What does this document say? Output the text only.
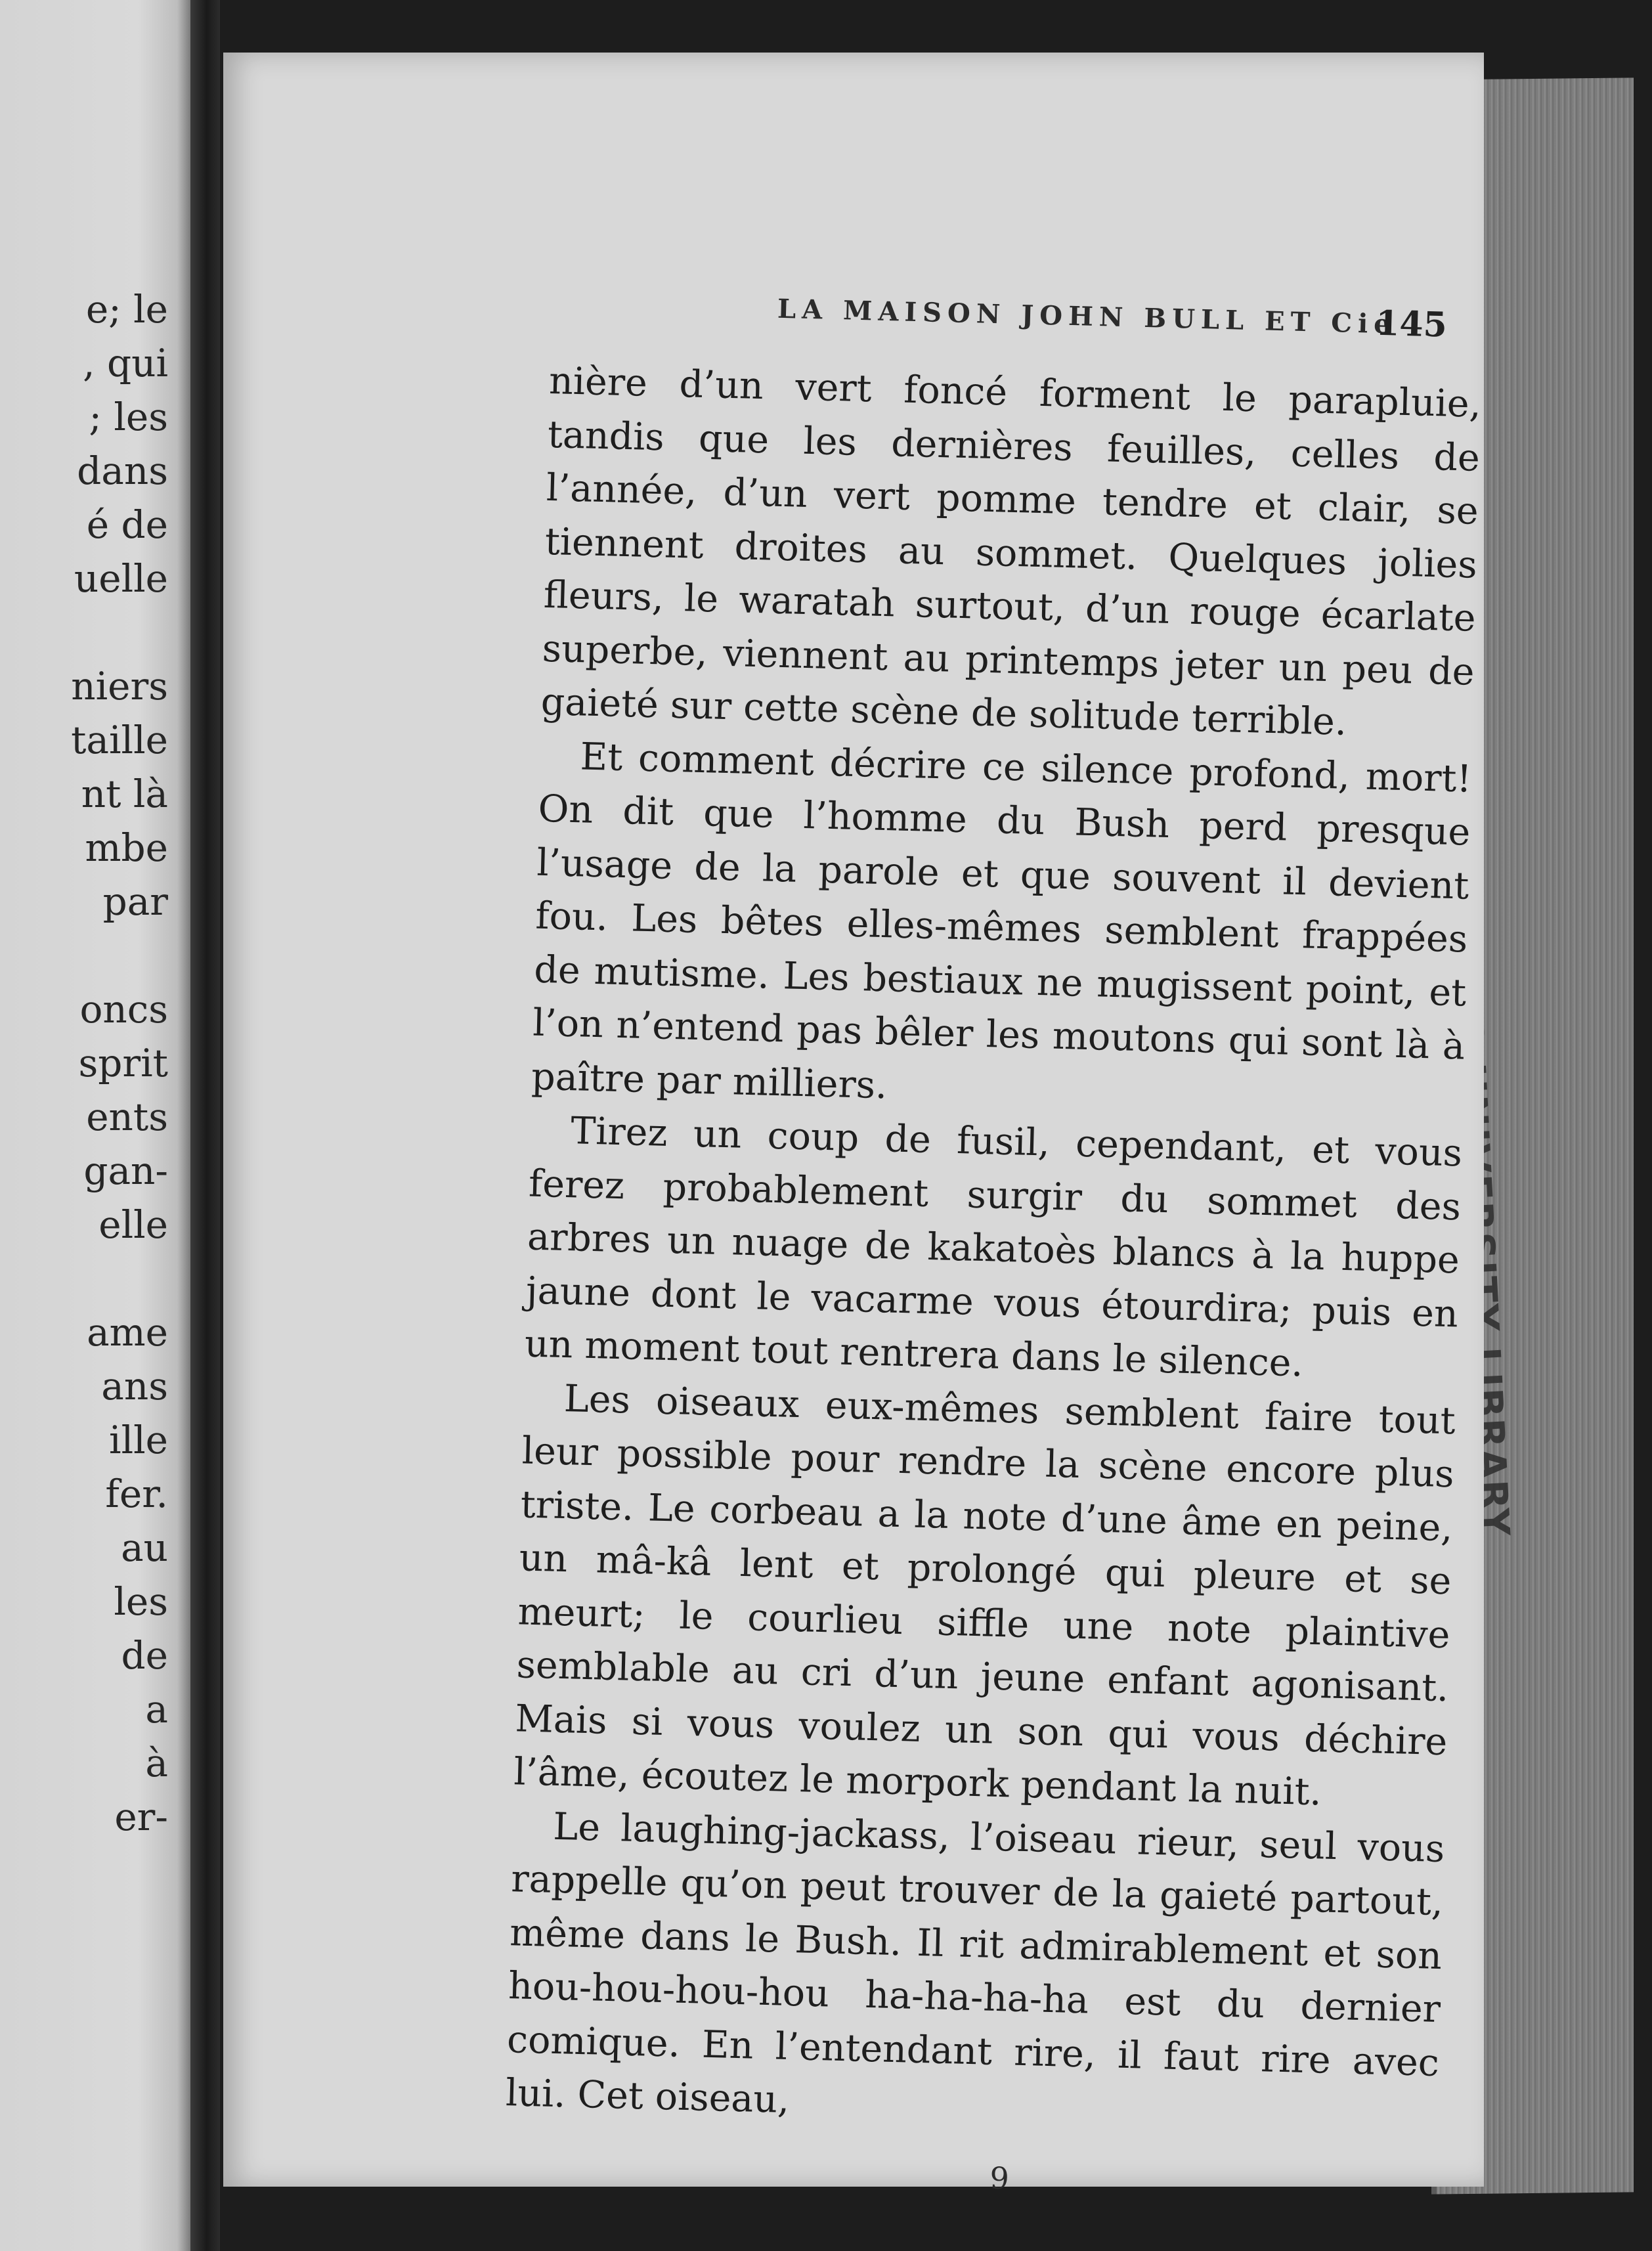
e; le
, qui
; les
dans
é de
uelle
niers
taille
nt là
mbe
par
oncs
sprit
ents
gan-
elle
ame
ans
ille
fer.
au
les
de
a
à
er-
LA MAISON JOHN BULL ET Cie
145

nière d’un vert foncé forment le parapluie, tandis que les dernières feuilles, celles de l’année, d’un vert pomme tendre et clair, se tiennent droites au sommet. Quelques jolies fleurs, le waratah surtout, d’un rouge écarlate superbe, viennent au printemps jeter un peu de gaieté sur cette scène de solitude terrible.

Et comment décrire ce silence profond, mort! On dit que l’homme du Bush perd presque l’usage de la parole et que souvent il devient fou. Les bêtes elles-mêmes semblent frappées de mutisme. Les bestiaux ne mugissent point, et l’on n’entend pas bêler les moutons qui sont là à paître par milliers.

Tirez un coup de fusil, cependant, et vous ferez probablement surgir du sommet des arbres un nuage de kakatoès blancs à la huppe jaune dont le vacarme vous étourdira; puis en un moment tout rentrera dans le silence.

Les oiseaux eux-mêmes semblent faire tout leur possible pour rendre la scène encore plus triste. Le corbeau a la note d’une âme en peine, un mâ-kâ lent et prolongé qui pleure et se meurt; le courlieu siffle une note plaintive semblable au cri d’un jeune enfant agonisant. Mais si vous voulez un son qui vous déchire l’âme, écoutez le morpork pendant la nuit.

Le laughing-jackass, l’oiseau rieur, seul vous rappelle qu’on peut trouver de la gaieté partout, même dans le Bush. Il rit admirablement et son hou-hou-hou-hou ha-ha-ha-ha est du dernier comique. En l’entendant rire, il faut rire avec lui. Cet oiseau,

9
